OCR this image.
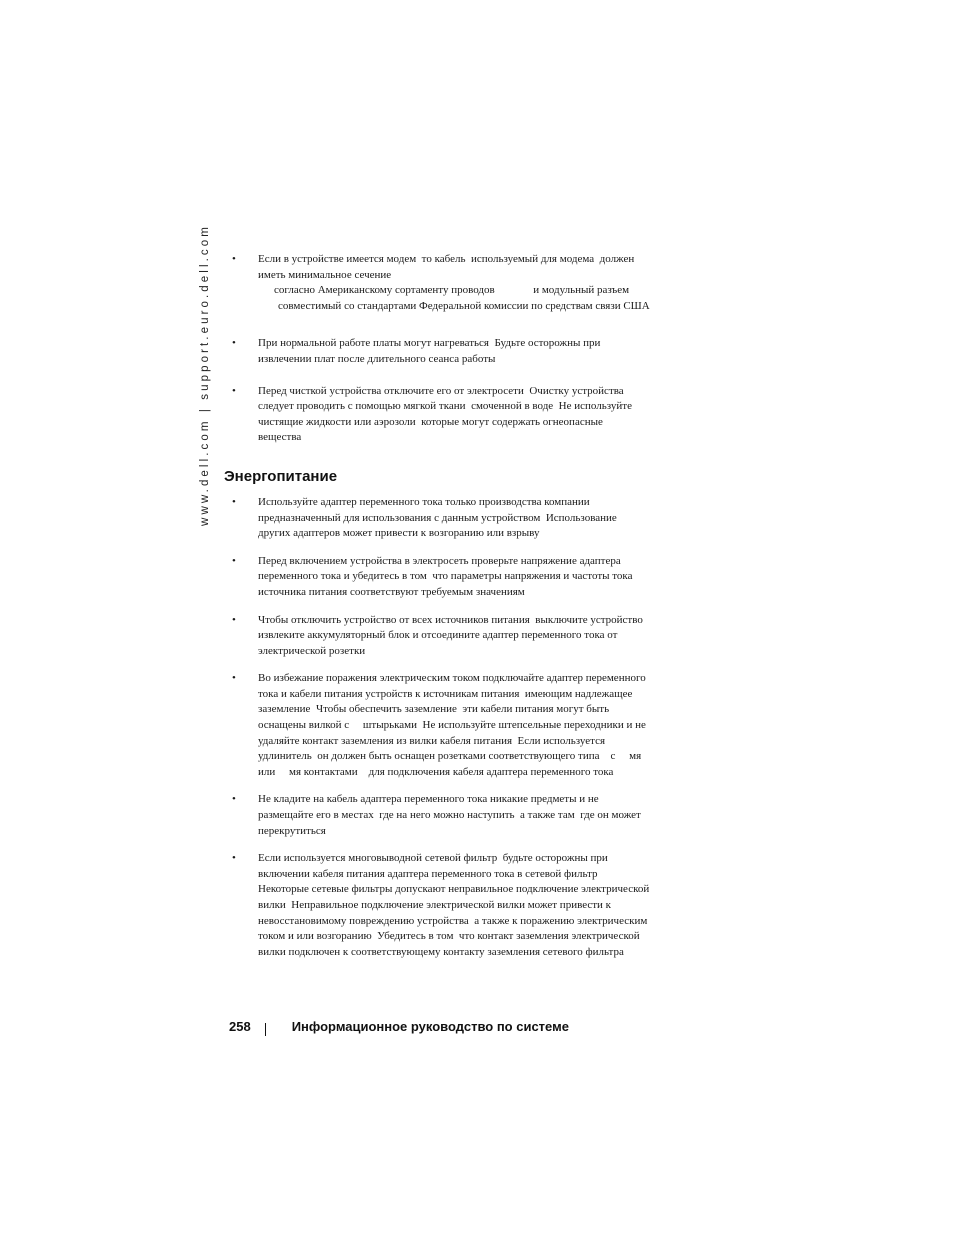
www.dell.com | support.euro.dell.com • Если в устройстве имеется модем  то кабель  используемый для модема  должен

иметь минимальное сечение

согласно Американскому сортаменту проводов              и модульный разъем

совместимый со стандартами Федеральной комиссии по средствам связи США

• При нормальной работе платы могут нагреваться  Будьте осторожны при

извлечении плат после длительного сеанса работы

• Перед чисткой устройства отключите его от электросети  Очистку устройства

следует проводить с помощью мягкой ткани  смоченной в воде  Не используйте

чистящие жидкости или аэрозоли  которые могут содержать огнеопасные

вещества

Энергопитание
• Используйте адаптер переменного тока только производства компании

предназначенный для использования с данным устройством  Использование

других адаптеров может привести к возгоранию или взрыву

• Перед включением устройства в электросеть проверьте напряжение адаптера

переменного тока и убедитесь в том  что параметры напряжения и частоты тока

источника питания соответствуют требуемым значениям

• Чтобы отключить устройство от всех источников питания  выключите устройство

извлеките аккумуляторный блок и отсоедините адаптер переменного тока от

электрической розетки

• Во избежание поражения электрическим током подключайте адаптер переменного

тока и кабели питания устройств к источникам питания  имеющим надлежащее

заземление  Чтобы обеспечить заземление  эти кабели питания могут быть

оснащены вилкой с     штырьками  Не используйте штепсельные переходники и не

удаляйте контакт заземления из вилки кабеля питания  Если используется

удлинитель  он должен быть оснащен розетками соответствующего типа    с     мя

или     мя контактами    для подключения кабеля адаптера переменного тока

• Не кладите на кабель адаптера переменного тока никакие предметы и не

размещайте его в местах  где на него можно наступить  а также там  где он может

перекрутиться

• Если используется многовыводной сетевой фильтр  будьте осторожны при

включении кабеля питания адаптера переменного тока в сетевой фильтр

Некоторые сетевые фильтры допускают неправильное подключение электрической

вилки  Неправильное подключение электрической вилки может привести к

невосстановимому повреждению устройства  а также к поражению электрическим

током и или возгоранию  Убедитесь в том  что контакт заземления электрической

вилки подключен к соответствующему контакту заземления сетевого фильтра

258	Информационное руководство по системе
